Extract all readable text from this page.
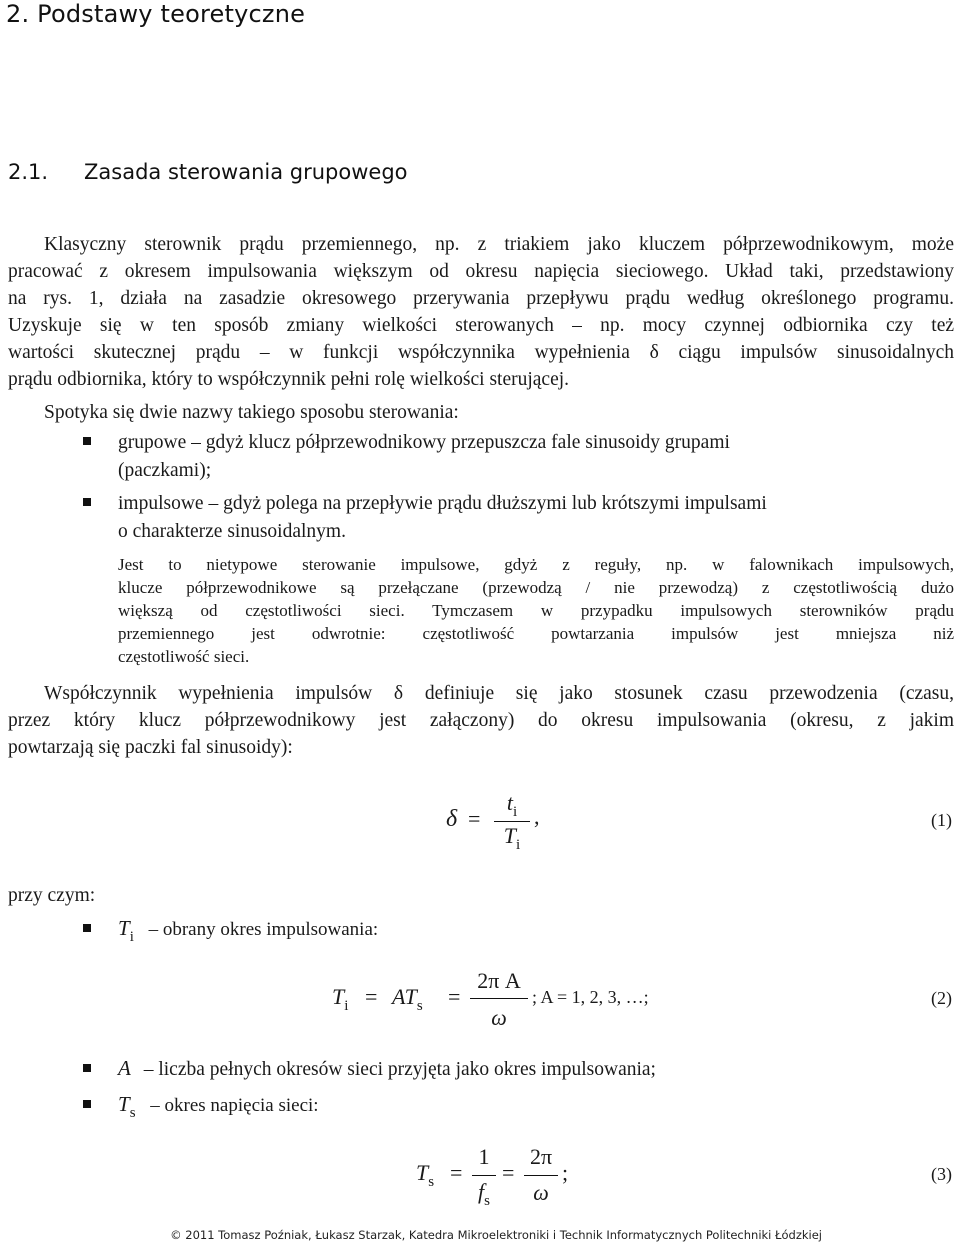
2. Podstawy teoretyczne
2.1. Zasada sterowania grupowego
Klasyczny sterownik prądu przemiennego, np. z triakiem jako kluczem półprzewodnikowym, może
pracować z okresem impulsowania większym od okresu napięcia sieciowego. Układ taki, przedstawiony
na rys. 1, działa na zasadzie okresowego przerywania przepływu prądu według określonego programu.
Uzyskuje się w ten sposób zmiany wielkości sterowanych – np. mocy czynnej odbiornika czy też
wartości skutecznej prądu – w funkcji współczynnika wypełnienia δ ciągu impulsów sinusoidalnych
prądu odbiornika, który to współczynnik pełni rolę wielkości sterującej.
Spotyka się dwie nazwy takiego sposobu sterowania:
grupowe – gdyż klucz półprzewodnikowy przepuszcza fale sinusoidy grupami
(paczkami);
impulsowe – gdyż polega na przepływie prądu dłuższymi lub krótszymi impulsami
o charakterze sinusoidalnym.
Jest to nietypowe sterowanie impulsowe, gdyż z reguły, np. w falownikach impulsowych,
klucze półprzewodnikowe są przełączane (przewodzą / nie przewodzą) z częstotliwością dużo
większą od częstotliwości sieci. Tymczasem w przypadku impulsowych sterowników prądu
przemiennego jest odwrotnie: częstotliwość powtarzania impulsów jest mniejsza niż
częstotliwość sieci.
Współczynnik wypełnienia impulsów δ definiuje się jako stosunek czasu przewodzenia (czasu,
przez który klucz półprzewodnikowy jest załączony) do okresu impulsowania (okresu, z jakim
powtarzają się paczki fal sinusoidy):
δ =
$t_i$
$T_i$
,	(1)
przy czym:
$T_i$ – obrany okres impulsowania:
$T_i = AT_s$ =
2π A
ω
; A = 1, 2, 3, …;	(2)
A – liczba pełnych okresów sieci przyjęta jako okres impulsowania;
$T_s$ – okres napięcia sieci:
$T_s$ =
1
$f_s$
=
2π
ω
;	(3)
© 2011 Tomasz Poźniak, Łukasz Starzak, Katedra Mikroelektroniki i Technik Informatycznych Politechniki Łódzkiej
